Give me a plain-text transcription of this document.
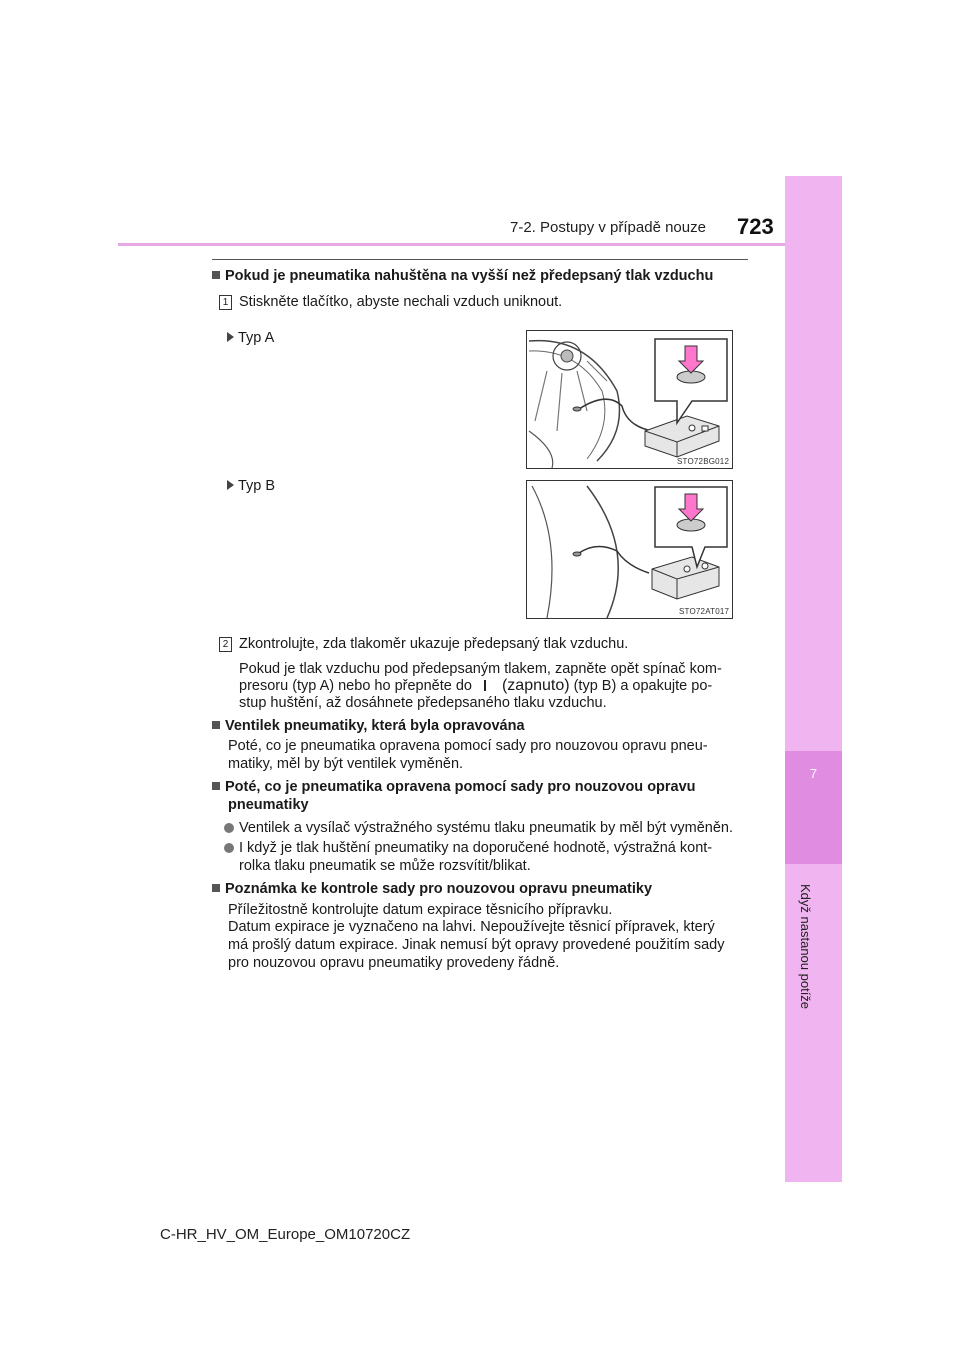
7
Když nastanou potíže
7-2. Postupy v případě nouze 723
Pokud je pneumatika nahuštěna na vyšší než předepsaný tlak vzduchu
1 Stiskněte tlačítko, abyste nechali vzduch uniknout.
Typ A
STO72BG012
Typ B
STO72AT017
2 Zkontrolujte, zda tlakoměr ukazuje předepsaný tlak vzduchu.
Pokud je tlak vzduchu pod předepsaným tlakem, zapněte opět spínač kom-
presoru (typ A) nebo ho přepněte do (zapnuto) (typ B) a opakujte po-
stup huštění, až dosáhnete předepsaného tlaku vzduchu.
Ventilek pneumatiky, která byla opravována
Poté, co je pneumatika opravena pomocí sady pro nouzovou opravu pneu-
matiky, měl by být ventilek vyměněn.
Poté, co je pneumatika opravena pomocí sady pro nouzovou opravu
pneumatiky
Ventilek a vysílač výstražného systému tlaku pneumatik by měl být vyměněn.
I když je tlak huštění pneumatiky na doporučené hodnotě, výstražná kont-
rolka tlaku pneumatik se může rozsvítit/blikat.
Poznámka ke kontrole sady pro nouzovou opravu pneumatiky
Příležitostně kontrolujte datum expirace těsnicího přípravku.
Datum expirace je vyznačeno na lahvi. Nepoužívejte těsnicí přípravek, který
má prošlý datum expirace. Jinak nemusí být opravy provedené použitím sady
pro nouzovou opravu pneumatiky provedeny řádně.
C-HR_HV_OM_Europe_OM10720CZ
